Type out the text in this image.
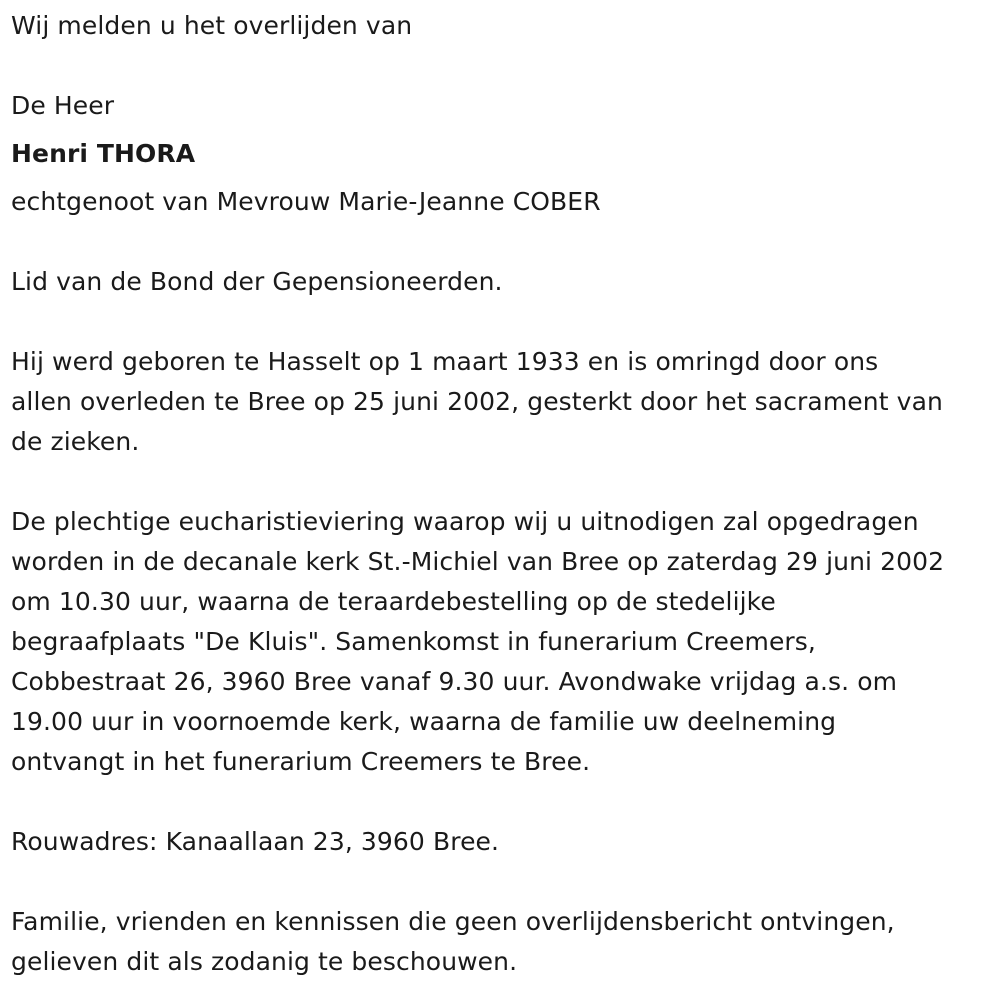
Wij melden u het overlijden van

De Heer

Henri THORA

echtgenoot van Mevrouw Marie-Jeanne COBER

Lid van de Bond der Gepensioneerden.

Hij werd geboren te Hasselt op 1 maart 1933 en is omringd door ons

allen overleden te Bree op 25 juni 2002, gesterkt door het sacrament van

de zieken.

De plechtige eucharistieviering waarop wij u uitnodigen zal opgedragen

worden in de decanale kerk St.-Michiel van Bree op zaterdag 29 juni 2002

om 10.30 uur, waarna de teraardebestelling op de stedelijke

begraafplaats "De Kluis". Samenkomst in funerarium Creemers,

Cobbestraat 26, 3960 Bree vanaf 9.30 uur. Avondwake vrijdag a.s. om

19.00 uur in voornoemde kerk, waarna de familie uw deelneming

ontvangt in het funerarium Creemers te Bree.

Rouwadres: Kanaallaan 23, 3960 Bree.

Familie, vrienden en kennissen die geen overlijdensbericht ontvingen,

gelieven dit als zodanig te beschouwen.
